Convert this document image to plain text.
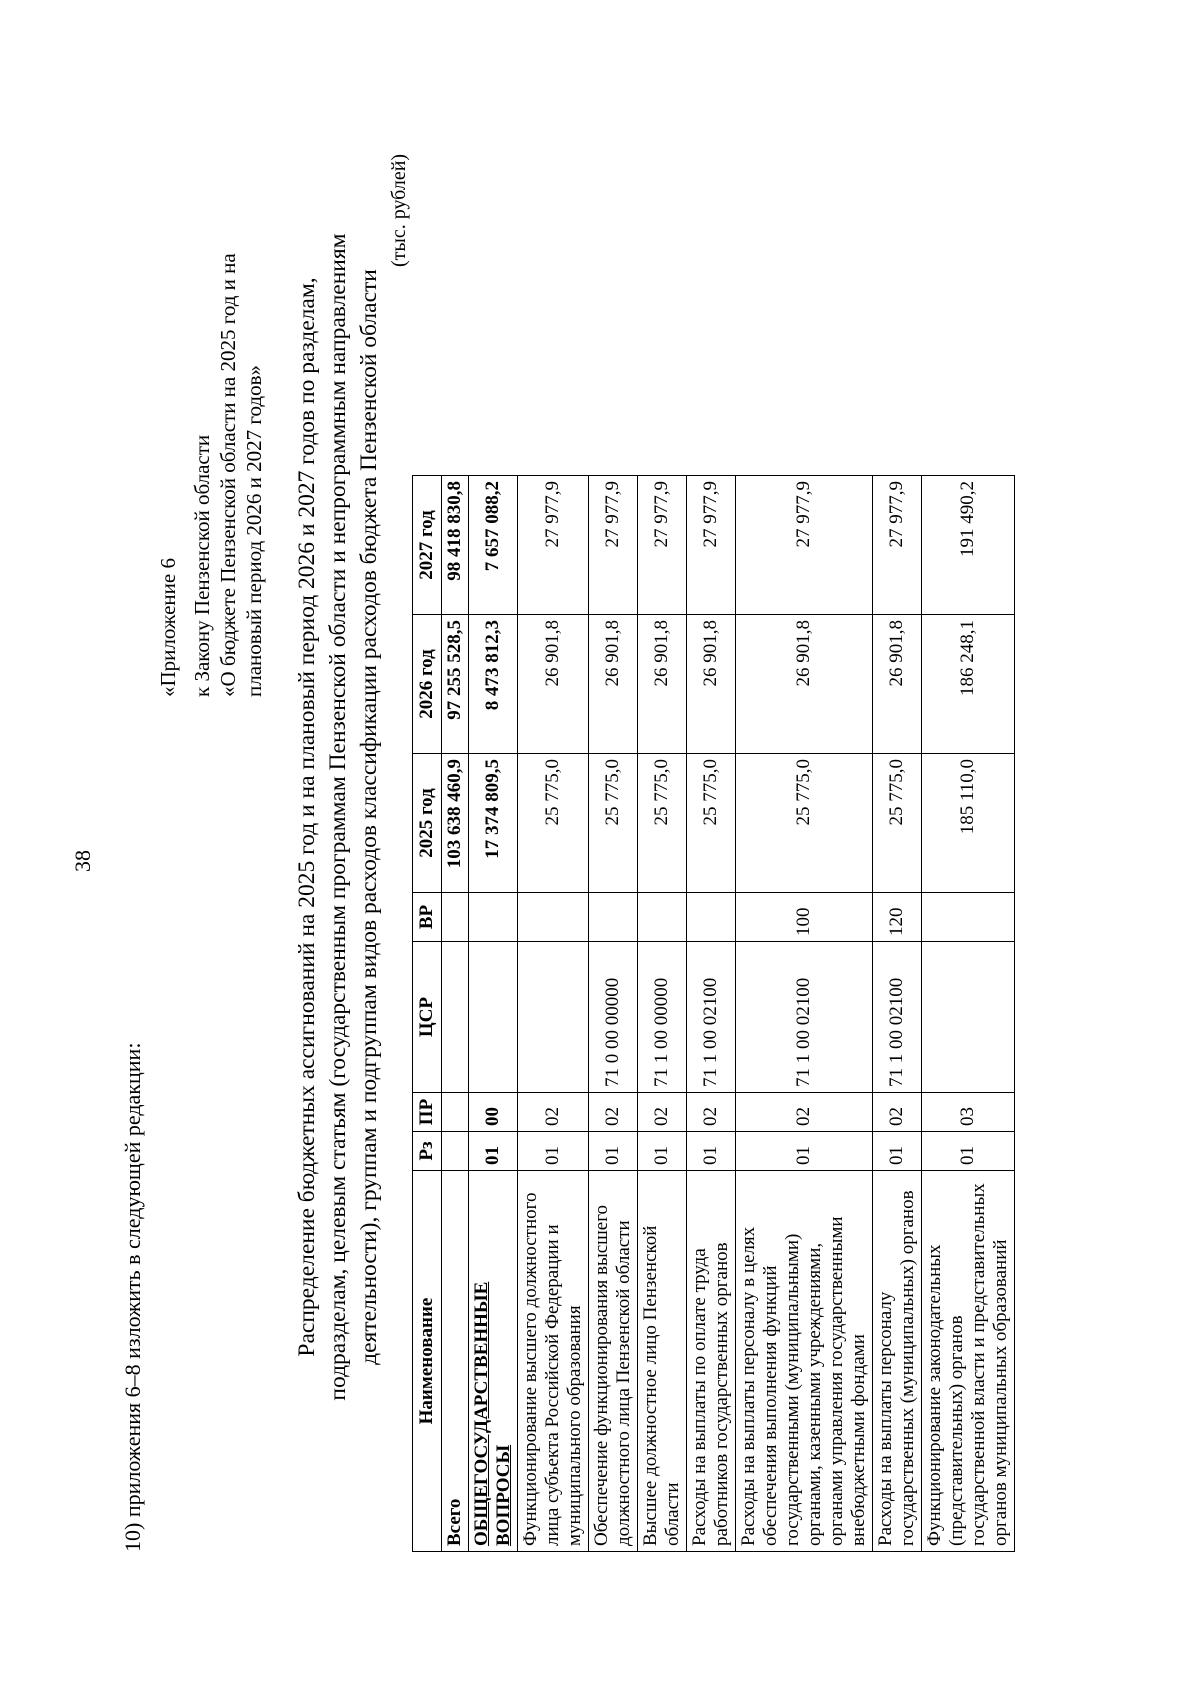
38
10) приложения 6–8 изложить в следующей редакции:
«Приложение 6 к Закону Пензенской области «О бюджете Пензенской области на 2025 год и на плановый период 2026 и 2027 годов» Распределение бюджетных ассигнований на 2025 год и на плановый период 2026 и 2027 годов по разделам, подразделам, целевым статьям (государственным программам Пензенской области и непрограммным направлениям деятельности), группам и подгруппам видов расходов классификации расходов бюджета Пензенской области
(тыс. рублей)
Наименование	Рз	ПР	ЦСР	ВР	2025 год	2026 год	2027 год
Всего					103 638 460,9	97 255 528,5	98 418 830,8
ОБЩЕГОСУДАРСТВЕННЫЕ ВОПРОСЫ	01	00			17 374 809,5	8 473 812,3	7 657 088,2
Функционирование высшего должностного лица субъекта Российской Федерации и муниципального образования	01	02			25 775,0	26 901,8	27 977,9
Обеспечение функционирования высшего должностного лица Пензенской области	01	02	71 0 00 00000		25 775,0	26 901,8	27 977,9
Высшее должностное лицо Пензенской области	01	02	71 1 00 00000		25 775,0	26 901,8	27 977,9
Расходы на выплаты по оплате труда работников государственных органов	01	02	71 1 00 02100		25 775,0	26 901,8	27 977,9
Расходы на выплаты персоналу в целях обеспечения выполнения функций государственными (муниципальными) органами, казенными учреждениями, органами управления государственными внебюджетными фондами	01	02	71 1 00 02100	100	25 775,0	26 901,8	27 977,9
Расходы на выплаты персоналу государственных (муниципальных) органов	01	02	71 1 00 02100	120	25 775,0	26 901,8	27 977,9
Функционирование законодательных (представительных) органов государственной власти и представительных органов муниципальных образований	01	03			185 110,0	186 248,1	191 490,2
